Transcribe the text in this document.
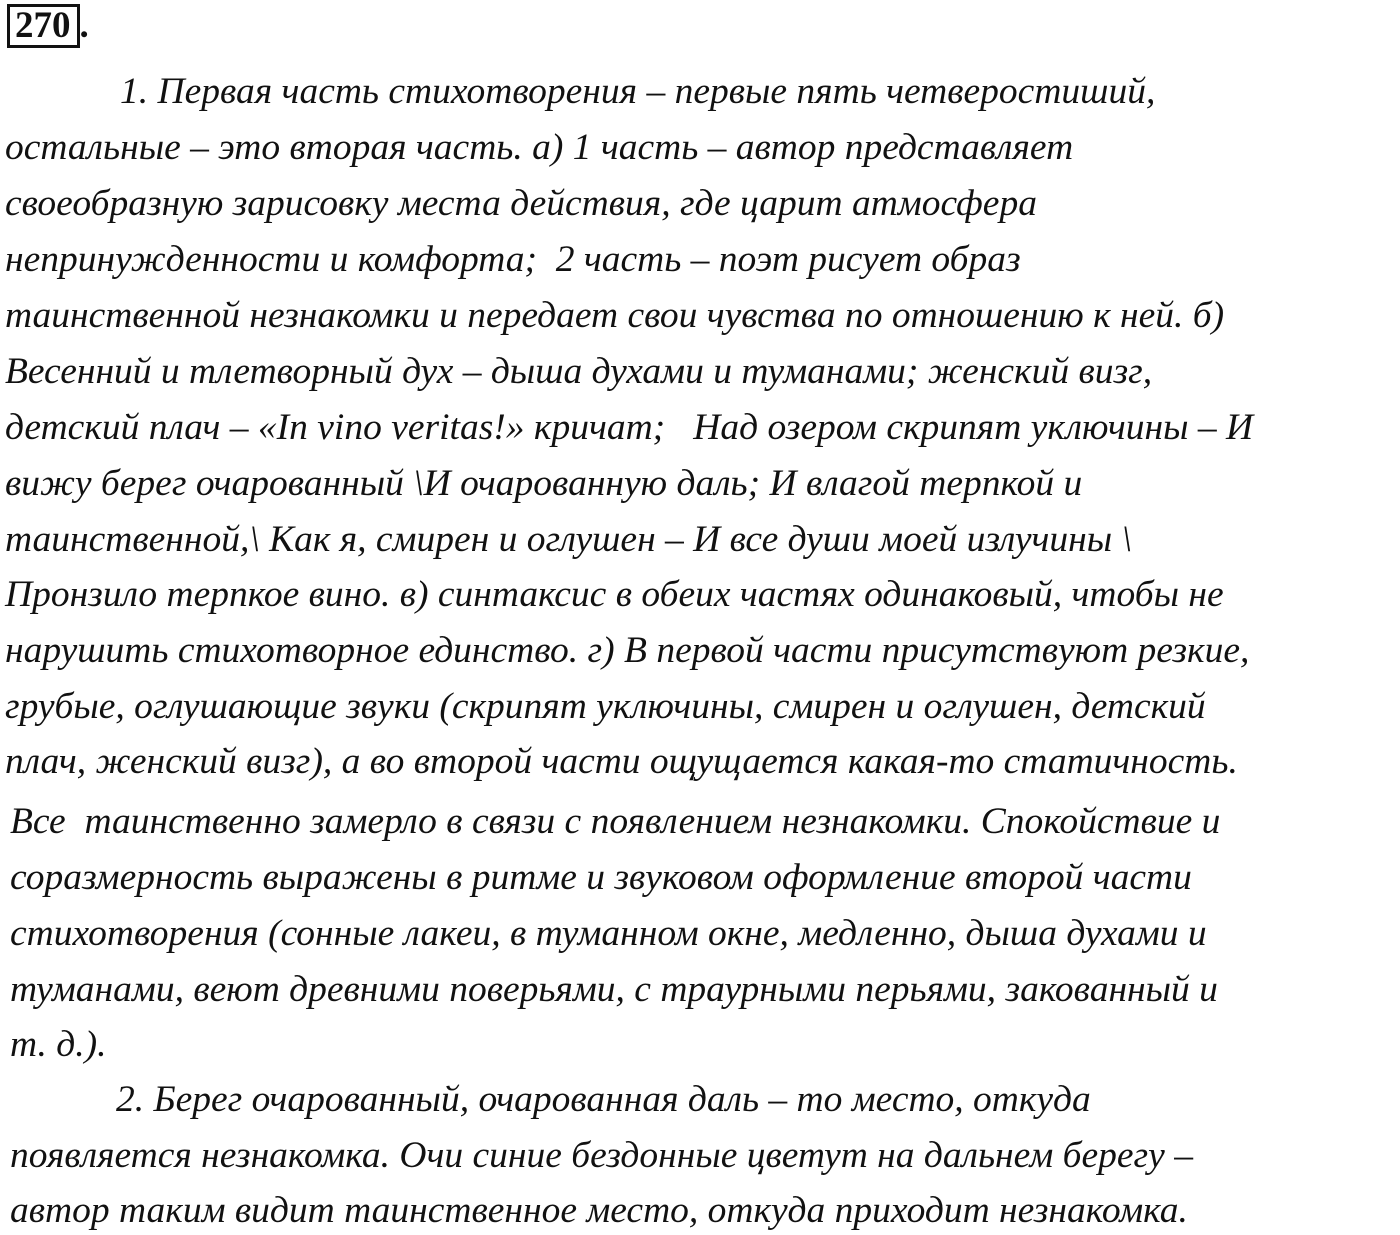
270 .
1. Первая часть стихотворения – первые пять четверостиший,
остальные – это вторая часть. а) 1 часть – автор представляет
своеобразную зарисовку места действия, где царит атмосфера
непринужденности и комфорта;  2 часть – поэт рисует образ
таинственной незнакомки и передает свои чувства по отношению к ней. б)
Весенний и тлетворный дух – дыша духами и туманами; женский визг,
детский плач – «In vino veritas!» кричат;   Над озером скрипят уключины – И
вижу берег очарованный \И очарованную даль; И влагой терпкой и
таинственной,\ Как я, смирен и оглушен – И все души моей излучины \
Пронзило терпкое вино. в) синтаксис в обеих частях одинаковый, чтобы не
нарушить стихотворное единство. г) В первой части присутствуют резкие,
грубые, оглушающие звуки (скрипят уключины, смирен и оглушен, детский
плач, женский визг), а во второй части ощущается какая-то статичность.
Все  таинственно замерло в связи с появлением незнакомки. Спокойствие и
соразмерность выражены в ритме и звуковом оформление второй части
стихотворения (сонные лакеи, в туманном окне, медленно, дыша духами и
туманами, веют древними поверьями, с траурными перьями, закованный и
т. д.).
2. Берег очарованный, очарованная даль – то место, откуда
появляется незнакомка. Очи синие бездонные цветут на дальнем берегу –
автор таким видит таинственное место, откуда приходит незнакомка.
